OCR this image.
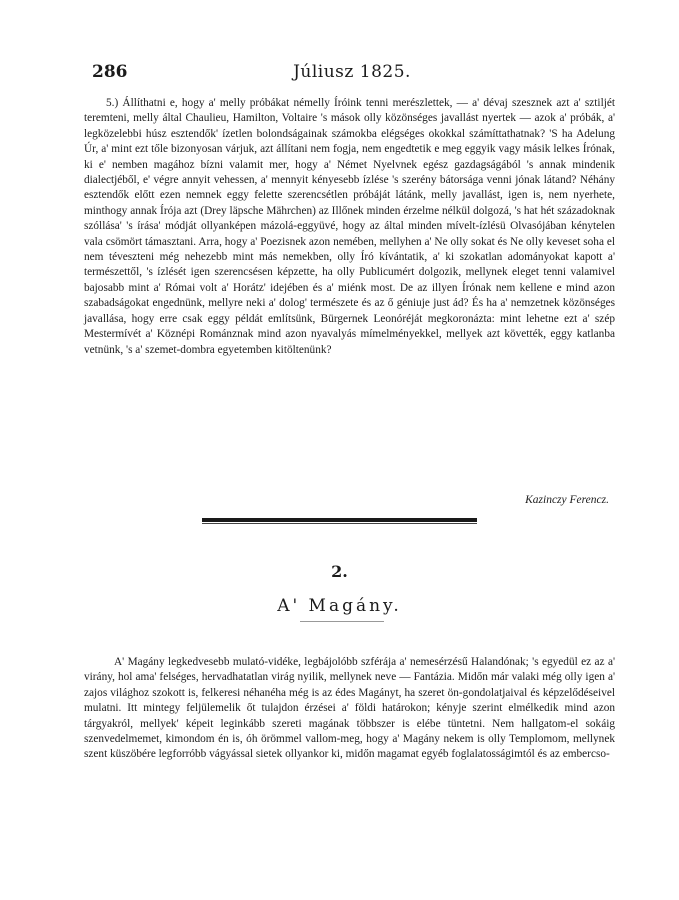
286	Júliusz 1825.

5.) Állíthatni e, hogy a' melly próbákat némelly Íróink tenni merészlettek, — a' dévaj szesznek azt a' sztiljét teremteni, melly által Chaulieu, Hamilton, Voltaire 's mások olly közönséges javallást nyertek — azok a' próbák, a' legközelebbi húsz esztendők' ízetlen bolondságainak számokba elégséges okokkal számíttathatnak? 'S ha Adelung Úr, a' mint ezt tőle bizonyosan várjuk, azt állítani nem fogja, nem engedtetik e meg eggyik vagy másik lelkes Írónak, ki e' nemben magához bízni valamit mer, hogy a' Német Nyelvnek egész gazdagságából 's annak mindenik dialectjéből, e' végre annyit vehessen, a' mennyit kényesebb ízlése 's szerény bátorsága venni jónak látand? Néhány esztendők előtt ezen nemnek eggy felette szerencsétlen próbáját látánk, melly javallást, igen is, nem nyerhete, minthogy annak Írója azt (Drey läpsche Mährchen) az Illőnek minden érzelme nélkül dolgozá, 's hat hét századoknak szóllása' 's írása' módját ollyanképen mázolá-eggyüvé, hogy az által minden mívelt-ízlésü Olvasójában kénytelen vala csömört támasztani. Arra, hogy a' Poezisnek azon nemében, mellyhen a' Ne olly sokat és Ne olly keveset soha el nem téveszteni még nehezebb mint más nemekben, olly Író kívántatik, a' ki szokatlan adományokat kapott a' természettől, 's ízlését igen szerencsésen képzette, ha olly Publicumért dolgozik, mellynek eleget tenni valamivel bajosabb mint a' Római volt a' Horátz' idejében és a' miénk most. De az illyen Írónak nem kellene e mind azon szabadságokat engednünk, mellyre neki a' dolog' természete és az ő géniuje just ád? És ha a' nemzetnek közönséges javallása, hogy erre csak eggy példát említsünk, Bürgernek Leonóréját megkoronázta: mint lehetne ezt a' szép Mestermívét a' Köznépi Románznak mind azon nyavalyás mímelményekkel, mellyek azt követték, eggy katlanba vetnünk, 's a' szemet-dombra egyetemben kitöltenünk?

Kazinczy Ferencz.
2.
A' Magány.

A' Magány legkedvesebb mulató-vidéke, legbájolóbb szférája a' nemesérzésű Halandónak; 's egyedül ez az a' virány, hol ama' felséges, hervadhatatlan virág nyilik, mellynek neve — Fantázia. Midőn már valaki még olly igen a' zajos világhoz szokott is, felkeresi néhanéha még is az édes Magányt, ha szeret ön-gondolatjaival és képzelődéseivel mulatni. Itt mintegy feljülemelik őt tulajdon érzései a' földi határokon; kényje szerint elmélkedik mind azon tárgyakról, mellyek' képeit leginkább szereti magának többszer is elébe tüntetni. Nem hallgatom-el sokáig szenvedelmemet, kimondom én is, óh örömmel vallom-meg, hogy a' Magány nekem is olly Templomom, mellynek szent küszöbére legforróbb vágyással sietek ollyankor ki, midőn magamat egyéb foglalatosságimtól és az embercso-
